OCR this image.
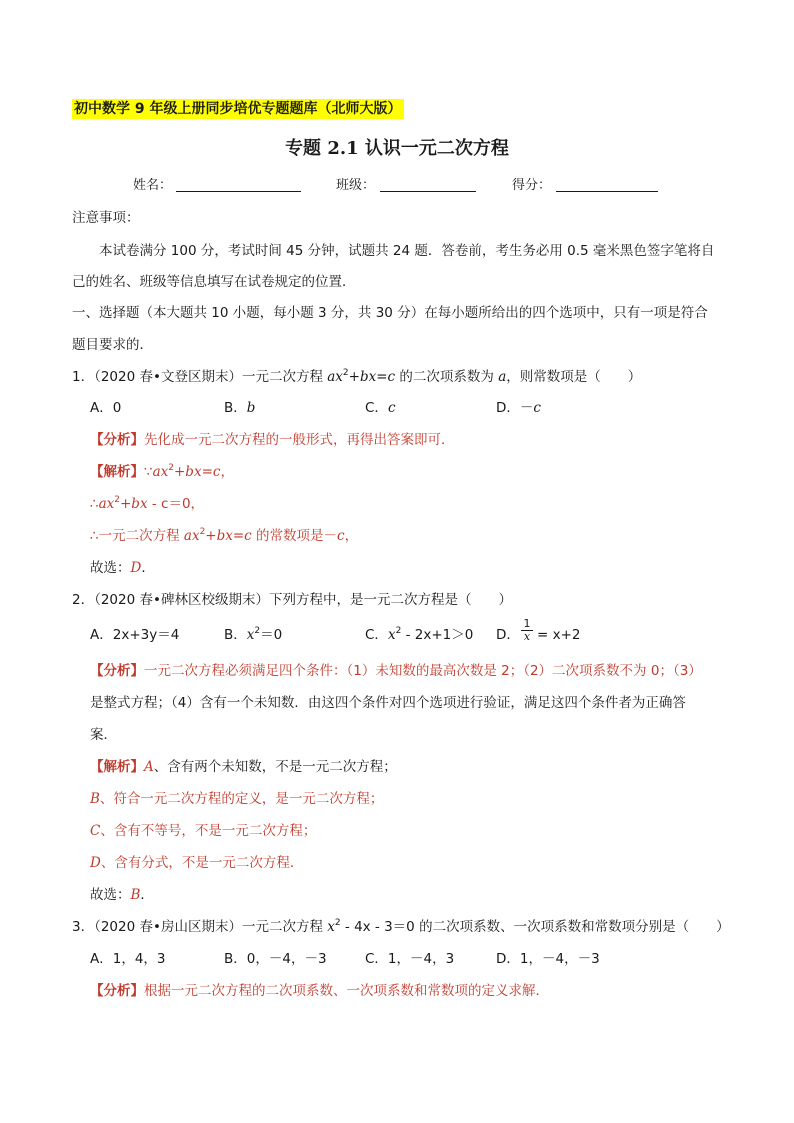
初中数学 9 年级上册同步培优专题题库（北师大版）
专题 2.1 认识一元二次方程
姓名：	班级：	得分：
注意事项：
本试卷满分 100 分，考试时间 45 分钟，试题共 24 题．答卷前，考生务必用 0.5 毫米黑色签字笔将自
己的姓名、班级等信息填写在试卷规定的位置．
一、选择题（本大题共 10 小题，每小题 3 分，共 30 分）在每小题所给出的四个选项中，只有一项是符合
题目要求的．
1．（2020 春•文登区期末）一元二次方程 $ax^2+bx=c$ 的二次项系数为 a，则常数项是（　　）
A．0	B．b	C．c	D．－c
【分析】先化成一元二次方程的一般形式，再得出答案即可．
【解析】$\because ax^2+bx=c$，
$\therefore ax^2+bx - c=0$，
∴一元二次方程 $ax^2+bx=c$ 的常数项是－c，
故选：D．
2．（2020 春•碑林区校级期末）下列方程中，是一元二次方程是（　　）
A．2x+3y＝4	B．$x^2=0$	C．$x^2 - 2x+1>0$ D． $\frac{1}{x} = x+2$
【分析】一元二次方程必须满足四个条件：（1）未知数的最高次数是 2；（2）二次项系数不为 0；（3）
是整式方程；（4）含有一个未知数．由这四个条件对四个选项进行验证，满足这四个条件者为正确答
案．
【解析】A、含有两个未知数，不是一元二次方程；
B、符合一元二次方程的定义，是一元二次方程；
C、含有不等号，不是一元二次方程；
D、含有分式，不是一元二次方程．
故选：B．
3．（2020 春•房山区期末）一元二次方程 $x^2 - 4x - 3=0$ 的二次项系数、一次项系数和常数项分别是（　　）
A．1，4，3	B．0，－4，－3	C．1，－4，3	D．1，－4，－3
【分析】根据一元二次方程的二次项系数、一次项系数和常数项的定义求解．
